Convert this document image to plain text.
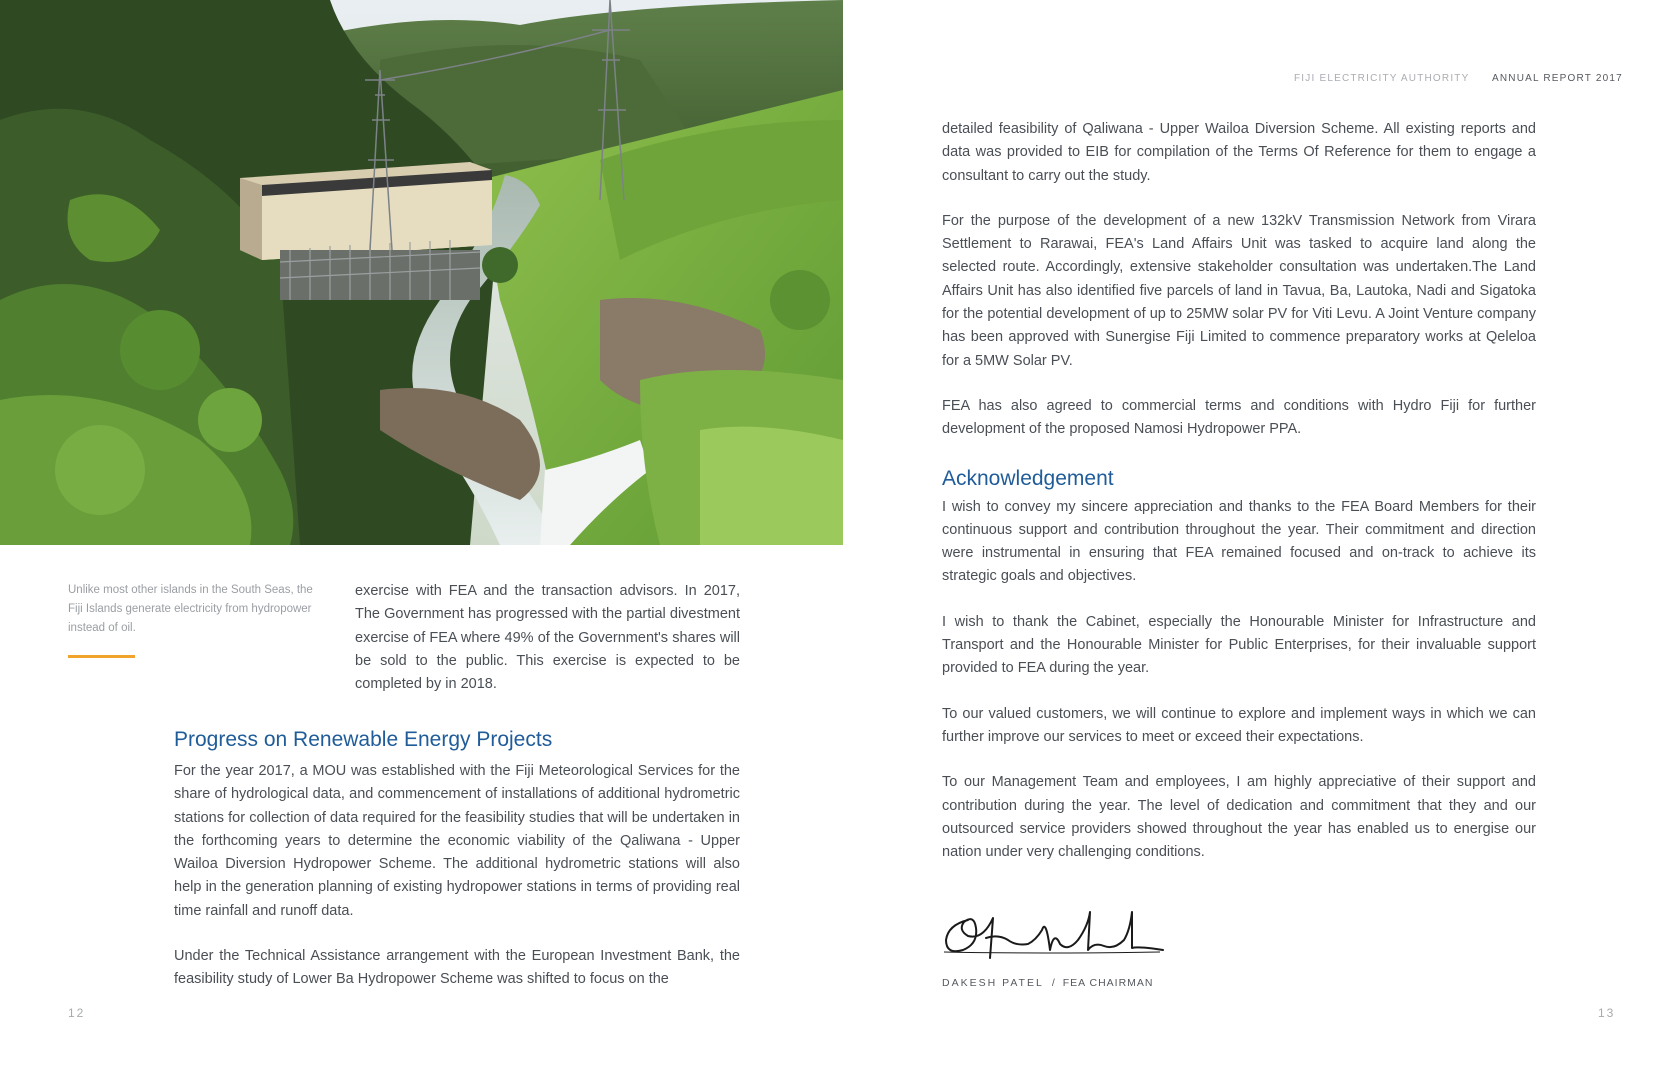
Unlike most other islands in the South Seas, the Fiji Islands generate electricity from hydropower instead of oil.

exercise with FEA and the transaction advisors. In 2017, The Government has progressed with the partial divestment exercise of FEA where 49% of the Government's shares will be sold to the public. This exercise is expected to be completed by in 2018.

Progress on Renewable Energy Projects

For the year 2017, a MOU was established with the Fiji Meteorological Services for the share of hydrological data, and commencement of installations of additional hydrometric stations for collection of data required for the feasibility studies that will be undertaken in the forthcoming years to determine the economic viability of the Qaliwana - Upper Wailoa Diversion Hydropower Scheme. The additional hydrometric stations will also help in the generation planning of existing hydropower stations in terms of providing real time rainfall and runoff data.

Under the Technical Assistance arrangement with the European Investment Bank, the feasibility study of Lower Ba Hydropower Scheme was shifted to focus on the

12
FIJI ELECTRICITY AUTHORITY ANNUAL REPORT 2017

detailed feasibility of Qaliwana - Upper Wailoa Diversion Scheme. All existing reports and data was provided to EIB for compilation of the Terms Of Reference for them to engage a consultant to carry out the study.

For the purpose of the development of a new 132kV Transmission Network from Virara Settlement to Rarawai, FEA's Land Affairs Unit was tasked to acquire land along the selected route. Accordingly, extensive stakeholder consultation was undertaken.The Land Affairs Unit has also identified five parcels of land in Tavua, Ba, Lautoka, Nadi and Sigatoka for the potential development of up to 25MW solar PV for Viti Levu. A Joint Venture company has been approved with Sunergise Fiji Limited to commence preparatory works at Qeleloa for a 5MW Solar PV.

FEA has also agreed to commercial terms and conditions with Hydro Fiji for further development of the proposed Namosi Hydropower PPA.

Acknowledgement

I wish to convey my sincere appreciation and thanks to the FEA Board Members for their continuous support and contribution throughout the year. Their commitment and direction were instrumental in ensuring that FEA remained focused and on-track to achieve its strategic goals and objectives.

I wish to thank the Cabinet, especially the Honourable Minister for Infrastructure and Transport and the Honourable Minister for Public Enterprises, for their invaluable support provided to FEA during the year.

To our valued customers, we will continue to explore and implement ways in which we can further improve our services to meet or exceed their expectations.

To our Management Team and employees, I am highly appreciative of their support and contribution during the year. The level of dedication and commitment that they and our outsourced service providers showed throughout the year has enabled us to energise our nation under very challenging conditions.

DAKESH PATEL / FEA CHAIRMAN
13
